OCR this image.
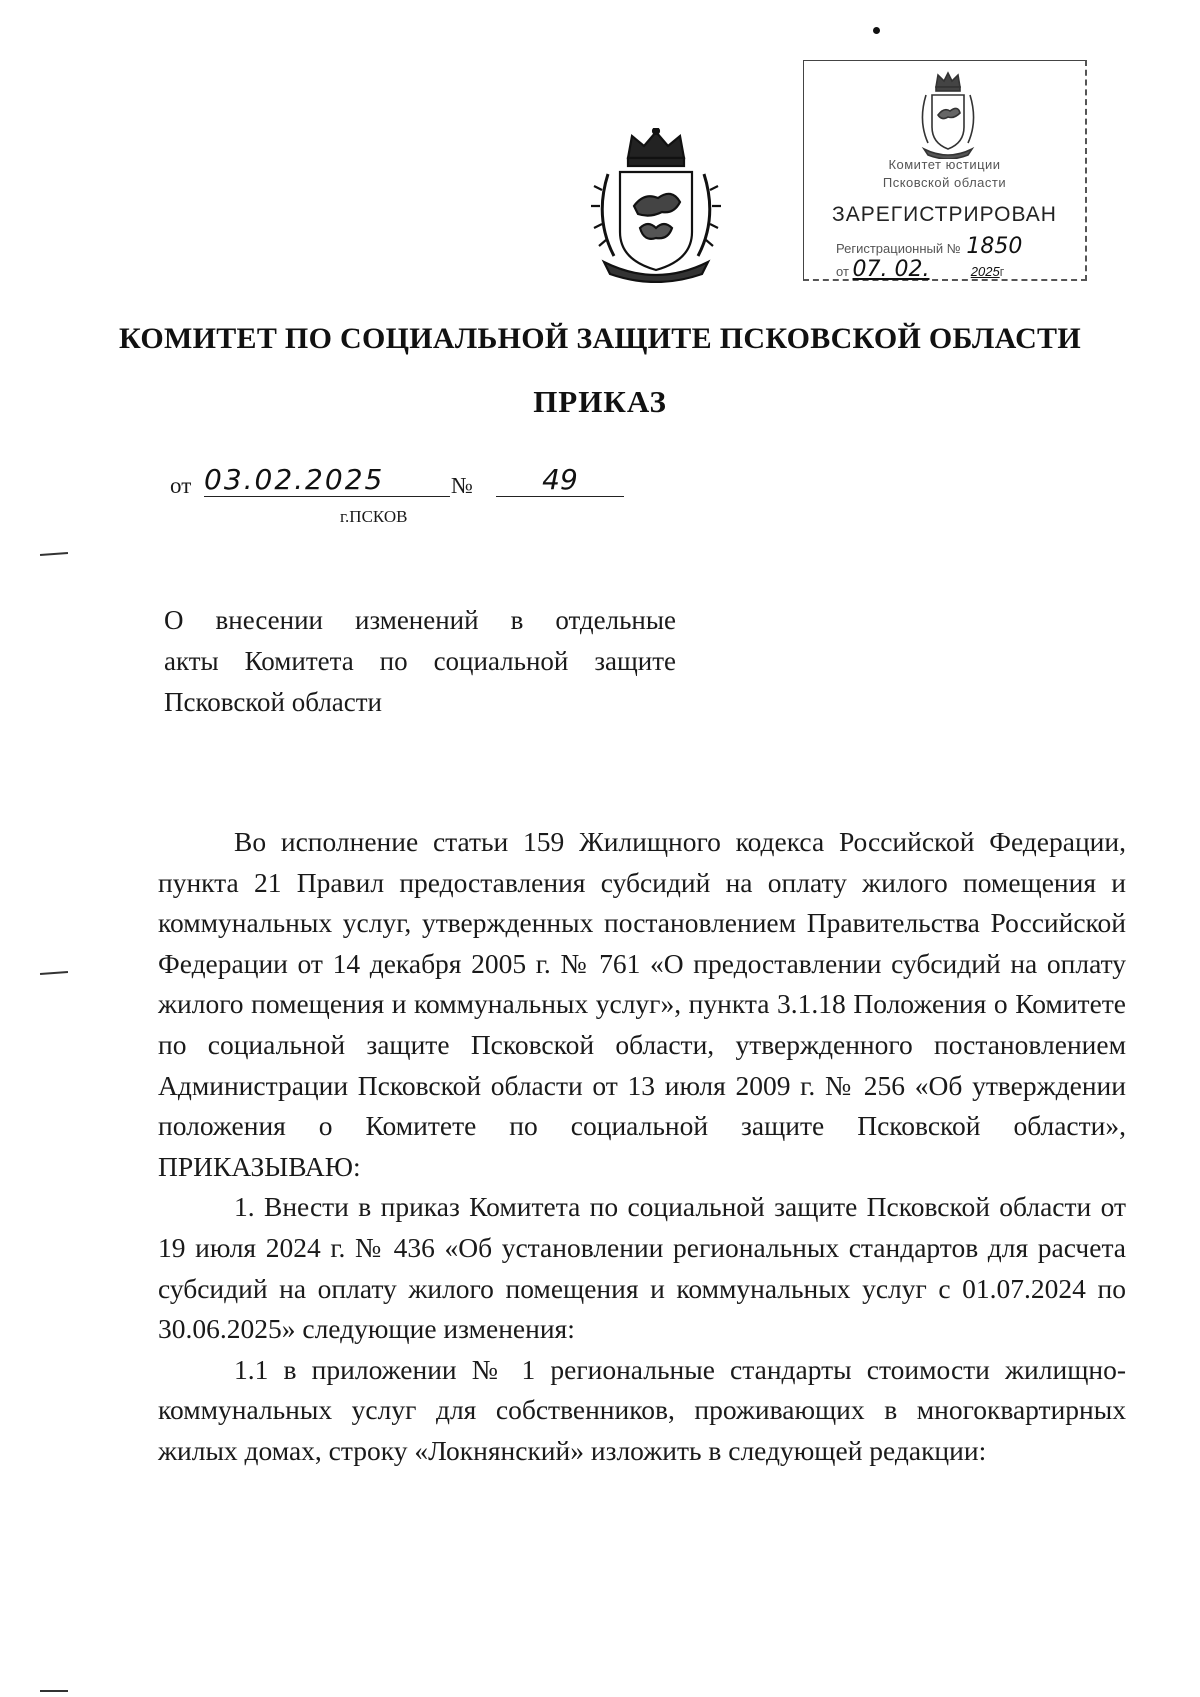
Комитет юстиции
Псковской области
ЗАРЕГИСТРИРОВАН
Регистрационный № 1850
от 07. 02.	2025г
КОМИТЕТ ПО СОЦИАЛЬНОЙ ЗАЩИТЕ ПСКОВСКОЙ ОБЛАСТИ
ПРИКАЗ
от 03.02.2025	№	49
г.ПСКОВ
О внесении изменений в отдельные
акты Комитета по социальной защите
Псковской области

Во исполнение статьи 159 Жилищного кодекса Российской Федерации, пункта 21 Правил предоставления субсидий на оплату жилого помещения и коммунальных услуг, утвержденных постановлением Правительства Российской Федерации от 14 декабря 2005 г. № 761 «О предоставлении субсидий на оплату жилого помещения и коммунальных услуг», пункта 3.1.18 Положения о Комитете по социальной защите Псковской области, утвержденного постановлением Администрации Псковской области от 13 июля 2009 г. № 256 «Об утверждении положения о Комитете по социальной защите Псковской области», ПРИКАЗЫВАЮ:

1. Внести в приказ Комитета по социальной защите Псковской области от 19 июля 2024 г. № 436 «Об установлении региональных стандартов для расчета субсидий на оплату жилого помещения и коммунальных услуг с 01.07.2024 по 30.06.2025» следующие изменения:

1.1 в приложении № 1 региональные стандарты стоимости жилищно-коммунальных услуг для собственников, проживающих в многоквартирных жилых домах, строку «Локнянский» изложить в следующей редакции:
